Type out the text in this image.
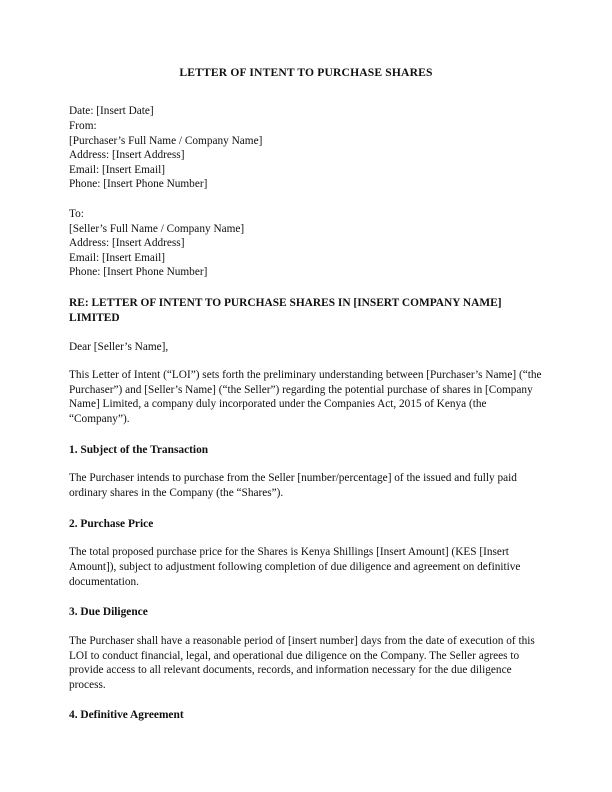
LETTER OF INTENT TO PURCHASE SHARES
Date: [Insert Date]
From:
[Purchaser’s Full Name / Company Name]
Address: [Insert Address]
Email: [Insert Email]
Phone: [Insert Phone Number]
To:
[Seller’s Full Name / Company Name]
Address: [Insert Address]
Email: [Insert Email]
Phone: [Insert Phone Number]
RE: LETTER OF INTENT TO PURCHASE SHARES IN [INSERT COMPANY NAME] LIMITED
Dear [Seller’s Name],

This Letter of Intent (“LOI”) sets forth the preliminary understanding between [Purchaser’s Name] (“the Purchaser”) and [Seller’s Name] (“the Seller”) regarding the potential purchase of shares in [Company Name] Limited, a company duly incorporated under the Companies Act, 2015 of Kenya (the “Company”).

1. Subject of the Transaction

The Purchaser intends to purchase from the Seller [number/percentage] of the issued and fully paid ordinary shares in the Company (the “Shares”).

2. Purchase Price

The total proposed purchase price for the Shares is Kenya Shillings [Insert Amount] (KES [Insert Amount]), subject to adjustment following completion of due diligence and agreement on definitive documentation.

3. Due Diligence

The Purchaser shall have a reasonable period of [insert number] days from the date of execution of this LOI to conduct financial, legal, and operational due diligence on the Company. The Seller agrees to provide access to all relevant documents, records, and information necessary for the due diligence process.

4. Definitive Agreement
